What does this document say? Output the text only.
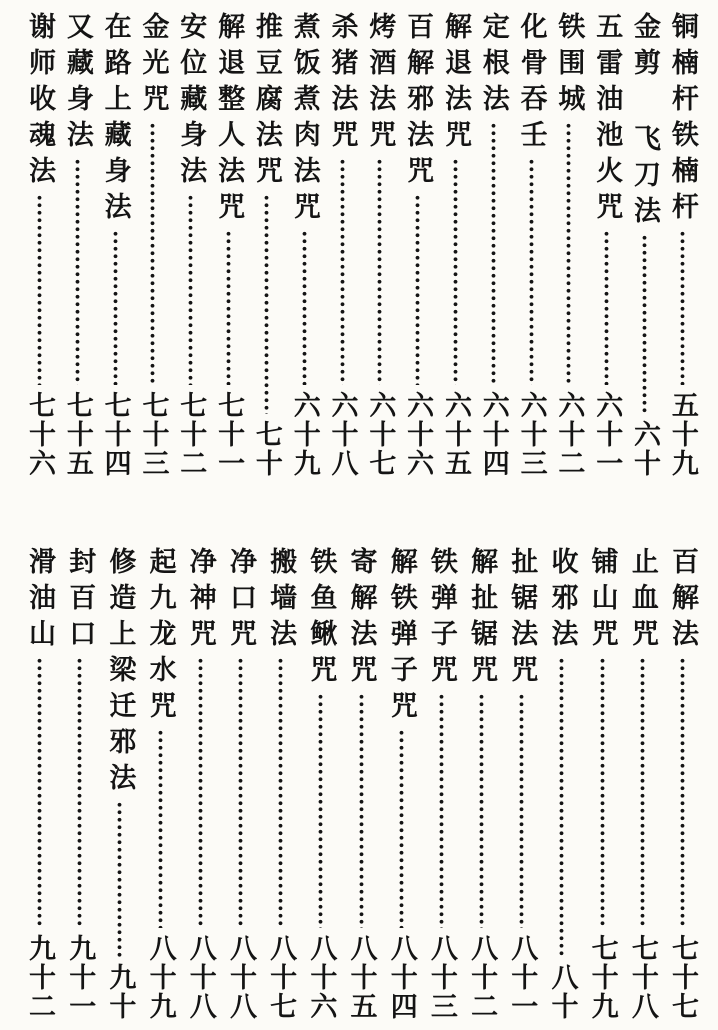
铜楠杆铁楠杆
五十九
金剪 飞刀法
六十
五雷油池火咒
六十一
铁围城
六十二
化骨吞壬
六十三
定根法
六十四
解退法咒
六十五
百解邪法咒
六十六
烤酒法咒
六十七
杀猪法咒
六十八
煮饭煮肉法咒
六十九
推豆腐法咒
七十
解退整人法咒
七十一
安位藏身法
七十二
金光咒
七十三
在路上藏身法
七十四
又藏身法
七十五
谢师收魂法
七十六
百解法
七十七
止血咒
七十八
铺山咒
七十九
收邪法
八十
扯锯法咒
八十一
解扯锯咒
八十二
铁弹子咒
八十三
解铁弹子咒
八十四
寄解法咒
八十五
铁鱼鳅咒
八十六
搬墙法
八十七
净口咒
八十八
净神咒
八十八
起九龙水咒
八十九
修造上梁迁邪法
九十
封百口
九十一
滑油山
九十二
